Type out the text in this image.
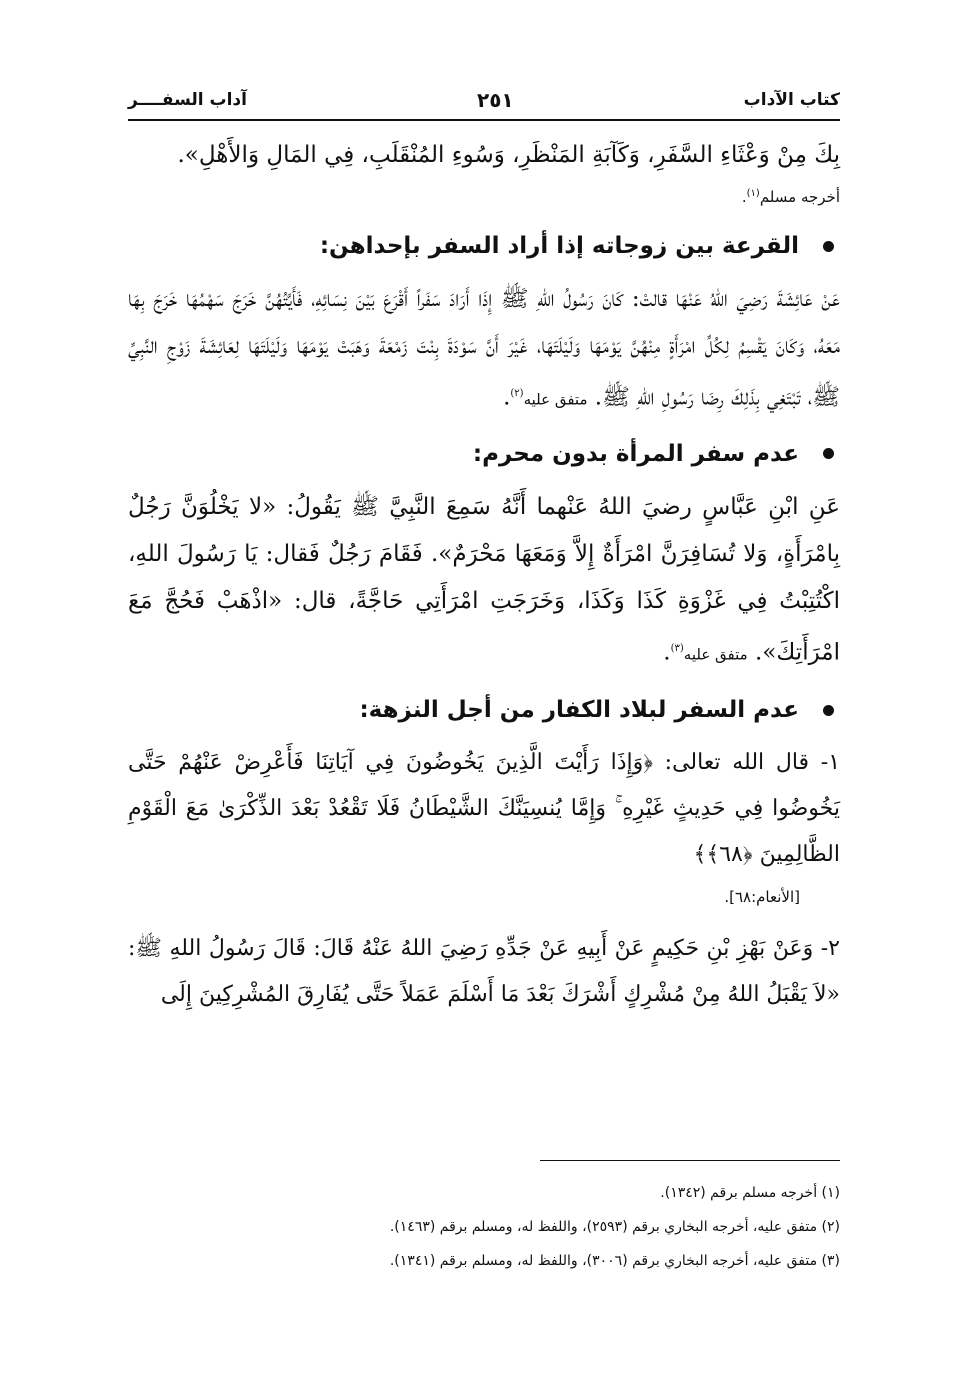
كتاب الآداب
٢٥١
آداب السفــــر

بِكَ مِنْ وَعْثَاءِ السَّفَرِ، وَكَآبَةِ المَنْظَرِ، وَسُوءِ المُنْقَلَبِ، فِي المَالِ وَالأَهْلِ».

أخرجه مسلم$^{(١)}$.

القرعة بين زوجاته إذا أراد السفر بإحداهن:

عَنْ عَائِشَةَ رَضِيَ اللهُ عَنْهَا قالتْ: كَانَ رَسُولُ اللهِ ﷺ إِذَا أَرَادَ سَفَراً أَقْرَعَ بَيْنَ نِسَائِهِ، فَأَيَّتُهُنَّ خَرَجَ سَهْمُهَا خَرَجَ بِهَا مَعَهُ، وَكَانَ يَقْسِمُ لِكُلِّ امْرَأَةٍ مِنْهُنَّ يَوْمَهَا وَلَيْلَتَهَا، غَيْرَ أَنَّ سَوْدَةَ بِنْتَ زَمْعَةَ وَهَبَتْ يَوْمَهَا وَلَيْلَتَهَا لِعَائِشَةَ زَوْجِ النَّبِيِّ ﷺ، تَبْتَغِي بِذَلِكَ رِضَا رَسُولِ اللهِ ﷺ. متفق عليه$^{(٢)}$.

عدم سفر المرأة بدون محرم:

عَنِ ابْنِ عَبَّاسٍ رضيَ اللهُ عَنْهما أَنَّهُ سَمِعَ النَّبِيَّ ﷺ يَقُولُ: «لا يَخْلُوَنَّ رَجُلٌ بِامْرَأَةٍ، وَلا تُسَافِرَنَّ امْرَأَةٌ إِلاَّ وَمَعَهَا مَحْرَمٌ». فَقَامَ رَجُلٌ فَقال: يَا رَسُولَ اللهِ، اكْتُتِبْتُ فِي غَزْوَةِ كَذَا وَكَذَا، وَخَرَجَتِ امْرَأَتِي حَاجَّةً، قال: «اذْهَبْ فَحُجَّ مَعَ امْرَأَتِكَ». متفق عليه$^{(٣)}$.

عدم السفر لبلاد الكفار من أجل النزهة:

١- قال الله تعالى: ﴿وَإِذَا رَأَيْتَ الَّذِينَ يَخُوضُونَ فِي آيَاتِنَا فَأَعْرِضْ عَنْهُمْ حَتَّى يَخُوضُوا فِي حَدِيثٍ غَيْرِهِ ۚ وَإِمَّا يُنسِيَنَّكَ الشَّيْطَانُ فَلَا تَقْعُدْ بَعْدَ الذِّكْرَىٰ مَعَ الْقَوْمِ الظَّالِمِينَ ﴿٦٨﴾﴾

[الأنعام:٦٨].

٢- وَعَنْ بَهْزِ بْنِ حَكِيمٍ عَنْ أَبِيهِ عَنْ جَدِّهِ رَضِيَ اللهُ عَنْهُ قَالَ: قَالَ رَسُولُ اللهِ ﷺ: «لاَ يَقْبَلُ اللهُ مِنْ مُشْرِكٍ أَشْرَكَ بَعْدَ مَا أَسْلَمَ عَمَلاً حَتَّى يُفَارِقَ المُشْرِكِينَ إِلَى

(١) أخرجه مسلم برقم (١٣٤٢).
(٢) متفق عليه، أخرجه البخاري برقم (٢٥٩٣)، واللفظ له، ومسلم برقم (١٤٦٣).
(٣) متفق عليه، أخرجه البخاري برقم (٣٠٠٦)، واللفظ له، ومسلم برقم (١٣٤١).
